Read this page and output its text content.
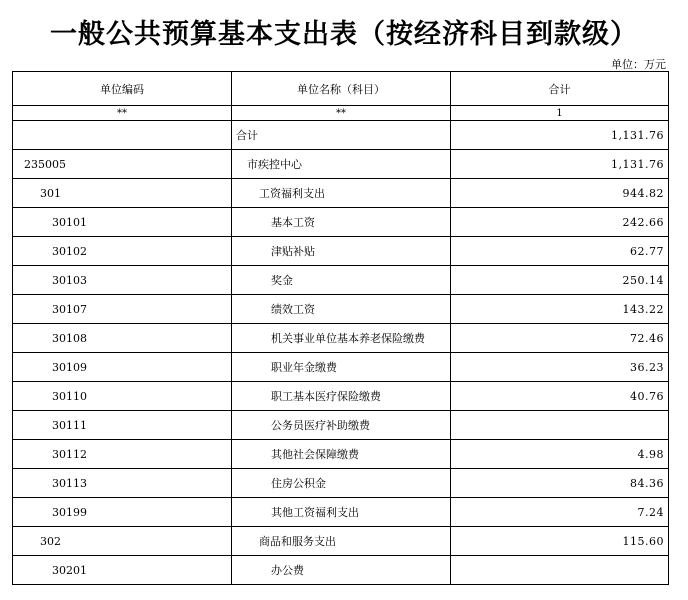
一般公共预算基本支出表（按经济科目到款级）
单位：万元
单位编码	单位名称（科目）	合计
**	**	1
	合计	1,131.76
235005	市疾控中心	1,131.76
301	工资福利支出	944.82
30101	基本工资	242.66
30102	津贴补贴	62.77
30103	奖金	250.14
30107	绩效工资	143.22
30108	机关事业单位基本养老保险缴费	72.46
30109	职业年金缴费	36.23
30110	职工基本医疗保险缴费	40.76
30111	公务员医疗补助缴费	
30112	其他社会保障缴费	4.98
30113	住房公积金	84.36
30199	其他工资福利支出	7.24
302	商品和服务支出	115.60
30201	办公费	
